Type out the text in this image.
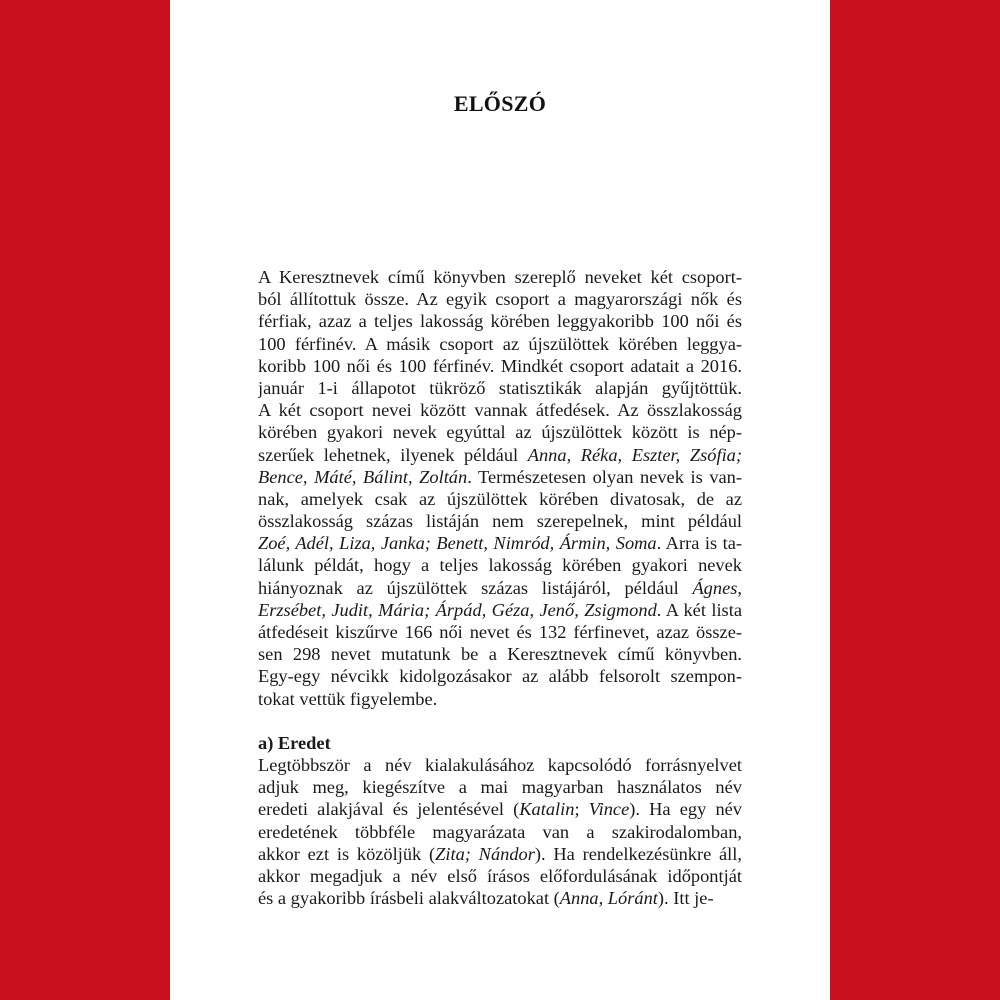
ELŐSZÓ
A Keresztnevek című könyvben szereplő neveket két csoport-
ból állítottuk össze. Az egyik csoport a magyarországi nők és
férfiak, azaz a teljes lakosság körében leggyakoribb 100 női és
100 férfinév. A másik csoport az újszülöttek körében leggya-
koribb 100 női és 100 férfinév. Mindkét csoport adatait a 2016.
január 1-i állapotot tükröző statisztikák alapján gyűjtöttük.
A két csoport nevei között vannak átfedések. Az összlakosság
körében gyakori nevek egyúttal az újszülöttek között is nép-
szerűek lehetnek, ilyenek például Anna, Réka, Eszter, Zsófia;
Bence, Máté, Bálint, Zoltán. Természetesen olyan nevek is van-
nak, amelyek csak az újszülöttek körében divatosak, de az
összlakosság százas listáján nem szerepelnek, mint például
Zoé, Adél, Liza, Janka; Benett, Nimród, Ármin, Soma. Arra is ta-
lálunk példát, hogy a teljes lakosság körében gyakori nevek
hiányoznak az újszülöttek százas listájáról, például Ágnes,
Erzsébet, Judit, Mária; Árpád, Géza, Jenő, Zsigmond. A két lista
átfedéseit kiszűrve 166 női nevet és 132 férfinevet, azaz össze-
sen 298 nevet mutatunk be a Keresztnevek című könyvben.
Egy-egy névcikk kidolgozásakor az alább felsorolt szempon-
tokat vettük figyelembe.
a) Eredet
Legtöbbször a név kialakulásához kapcsolódó forrásnyelvet
adjuk meg, kiegészítve a mai magyarban használatos név
eredeti alakjával és jelentésével (Katalin; Vince). Ha egy név
eredetének többféle magyarázata van a szakirodalomban,
akkor ezt is közöljük (Zita; Nándor). Ha rendelkezésünkre áll,
akkor megadjuk a név első írásos előfordulásának időpontját
és a gyakoribb írásbeli alakváltozatokat (Anna, Lóránt). Itt je-
